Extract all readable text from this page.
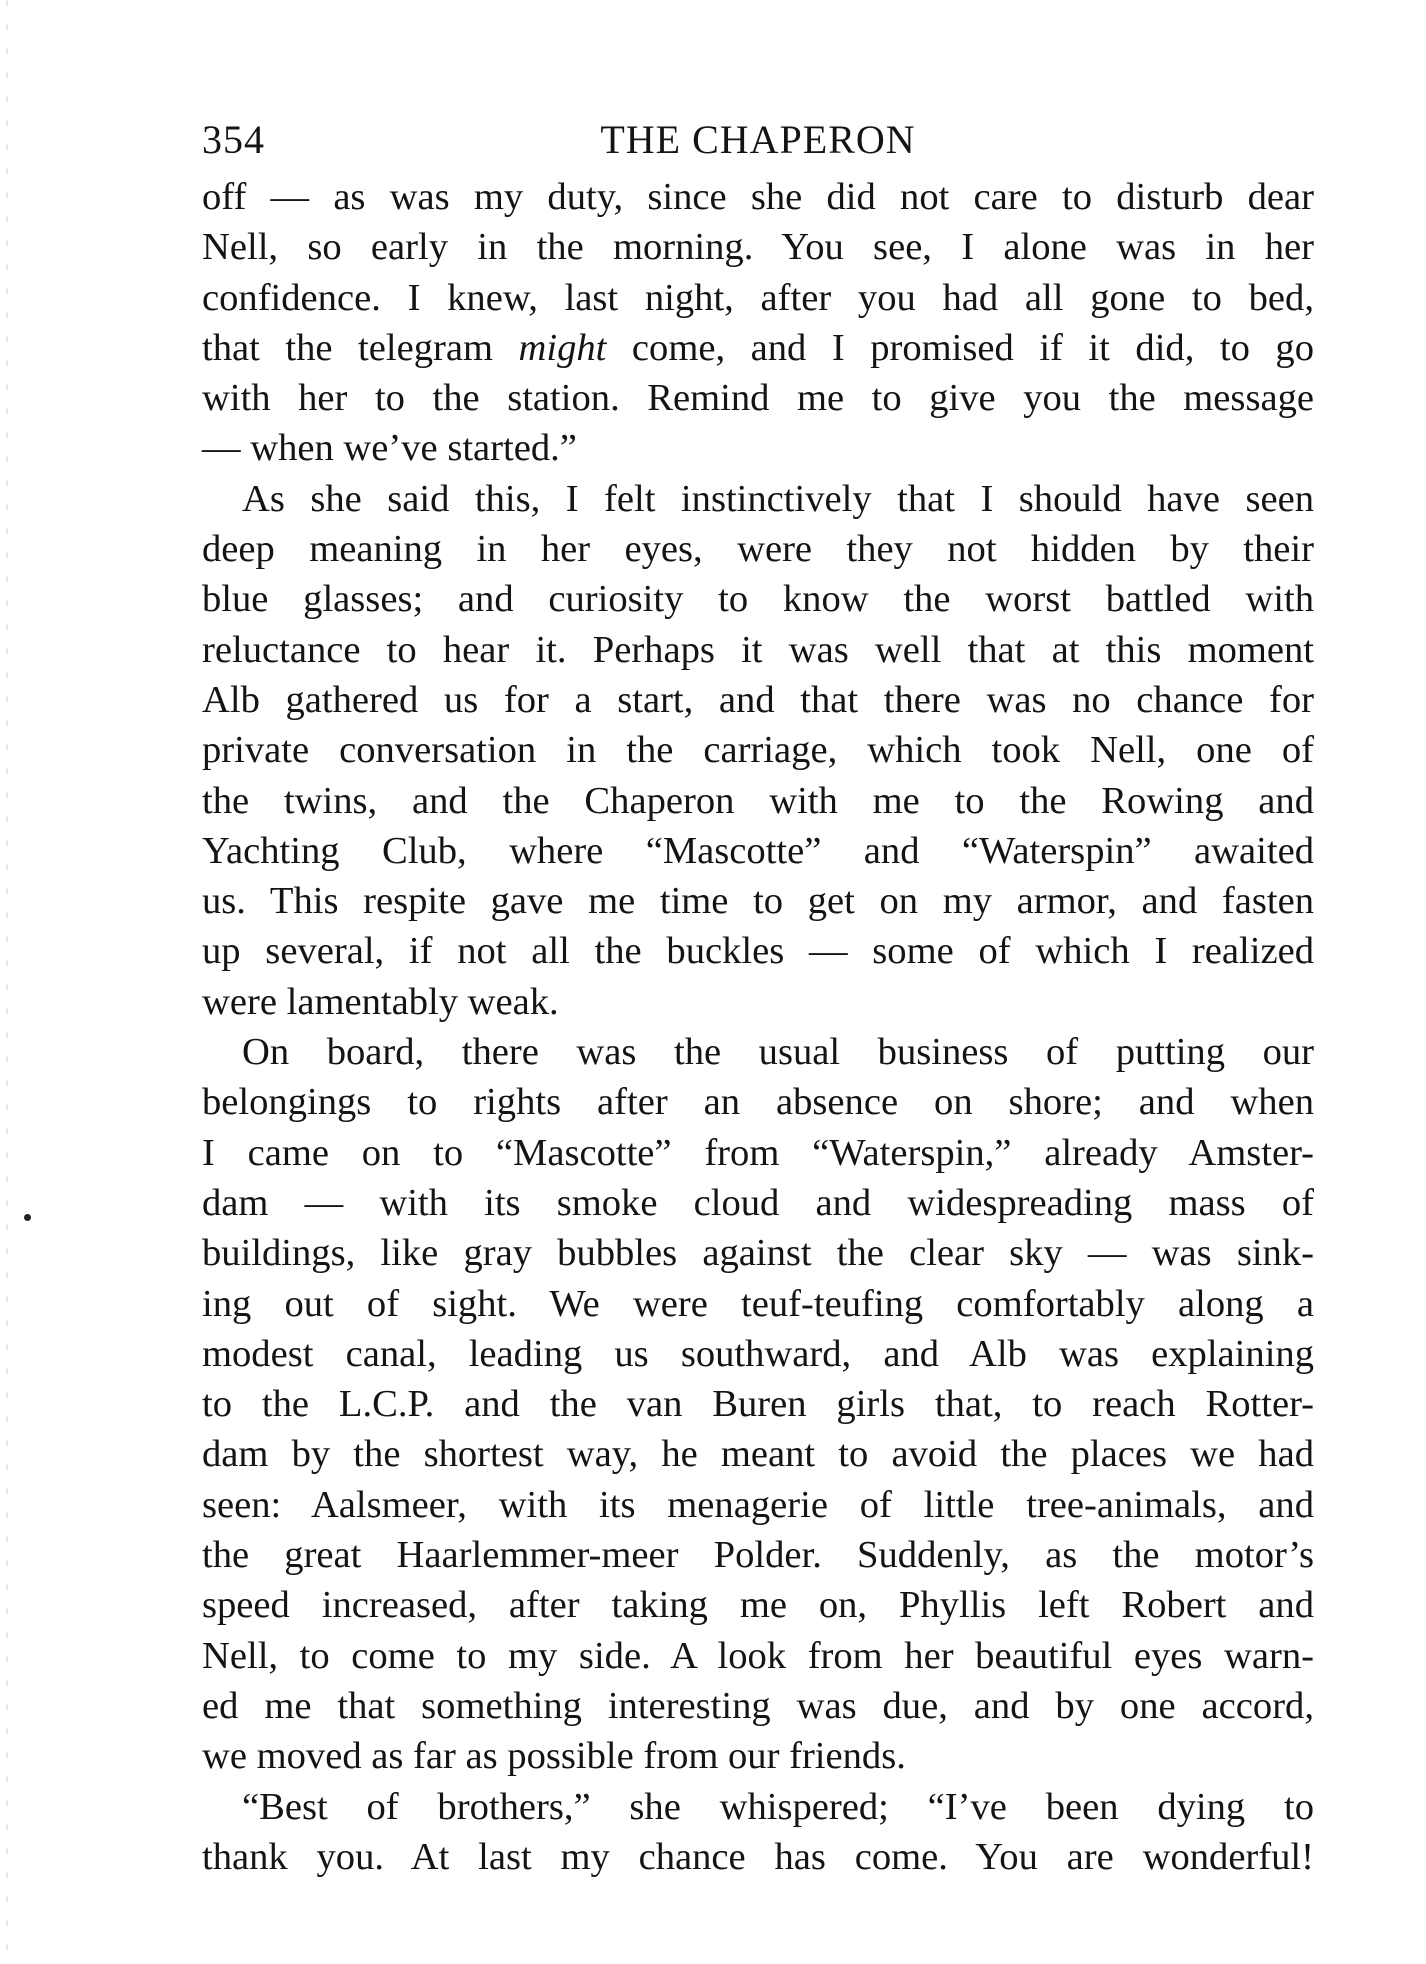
354	THE CHAPERON
off — as was my duty, since she did not care to disturb dear
Nell, so early in the morning. You see, I alone was in her
confidence. I knew, last night, after you had all gone to bed,
that the telegram might come, and I promised if it did, to go
with her to the station. Remind me to give you the message
— when we’ve started.”
As she said this, I felt instinctively that I should have seen
deep meaning in her eyes, were they not hidden by their
blue glasses; and curiosity to know the worst battled with
reluctance to hear it. Perhaps it was well that at this moment
Alb gathered us for a start, and that there was no chance for
private conversation in the carriage, which took Nell, one of
the twins, and the Chaperon with me to the Rowing and
Yachting Club, where “Mascotte” and “Waterspin” awaited
us. This respite gave me time to get on my armor, and fasten
up several, if not all the buckles — some of which I realized
were lamentably weak.
On board, there was the usual business of putting our
belongings to rights after an absence on shore; and when
I came on to “Mascotte” from “Waterspin,” already Amster-
dam — with its smoke cloud and widespreading mass of
buildings, like gray bubbles against the clear sky — was sink-
ing out of sight. We were teuf-teufing comfortably along a
modest canal, leading us southward, and Alb was explaining
to the L.C.P. and the van Buren girls that, to reach Rotter-
dam by the shortest way, he meant to avoid the places we had
seen: Aalsmeer, with its menagerie of little tree-animals, and
the great Haarlemmer-meer Polder. Suddenly, as the motor’s
speed increased, after taking me on, Phyllis left Robert and
Nell, to come to my side. A look from her beautiful eyes warn-
ed me that something interesting was due, and by one accord,
we moved as far as possible from our friends.
“Best of brothers,” she whispered; “I’ve been dying to
thank you. At last my chance has come. You are wonderful!
